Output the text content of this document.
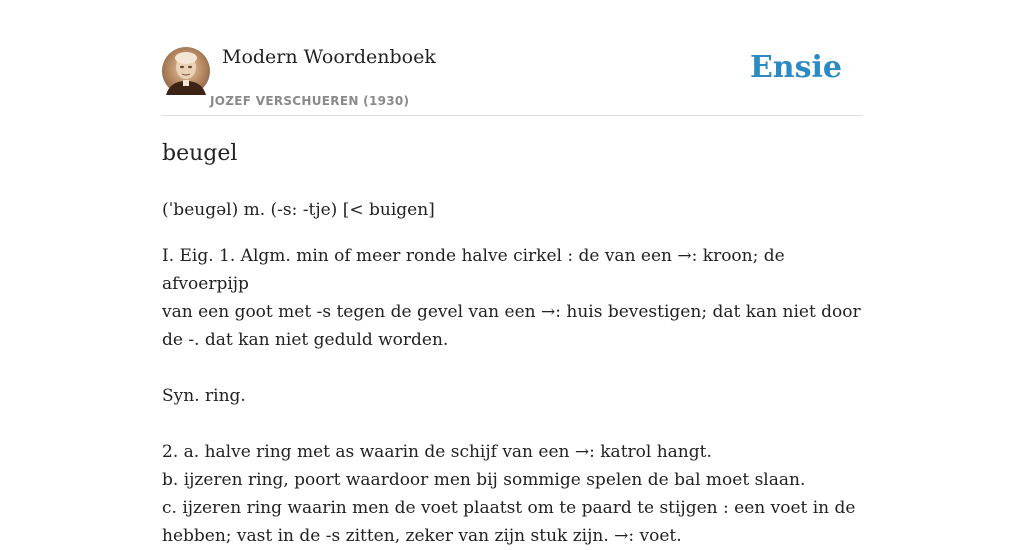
Modern Woordenboek
JOZEF VERSCHUEREN (1930)
Ensie
beugel
(ˈbeugəl) m. (-s: -tje) [< buigen]

I. Eig. 1. Algm. min of meer ronde halve cirkel : de van een →: kroon; de afvoerpijp

van een goot met -s tegen de gevel van een →: huis bevestigen; dat kan niet door

de -. dat kan niet geduld worden.

Syn. ring.

2. a. halve ring met as waarin de schijf van een →: katrol hangt.

b. ijzeren ring, poort waardoor men bij sommige spelen de bal moet slaan.

c. ijzeren ring waarin men de voet plaatst om te paard te stijgen : een voet in de

hebben; vast in de -s zitten, zeker van zijn stuk zijn. →: voet.
